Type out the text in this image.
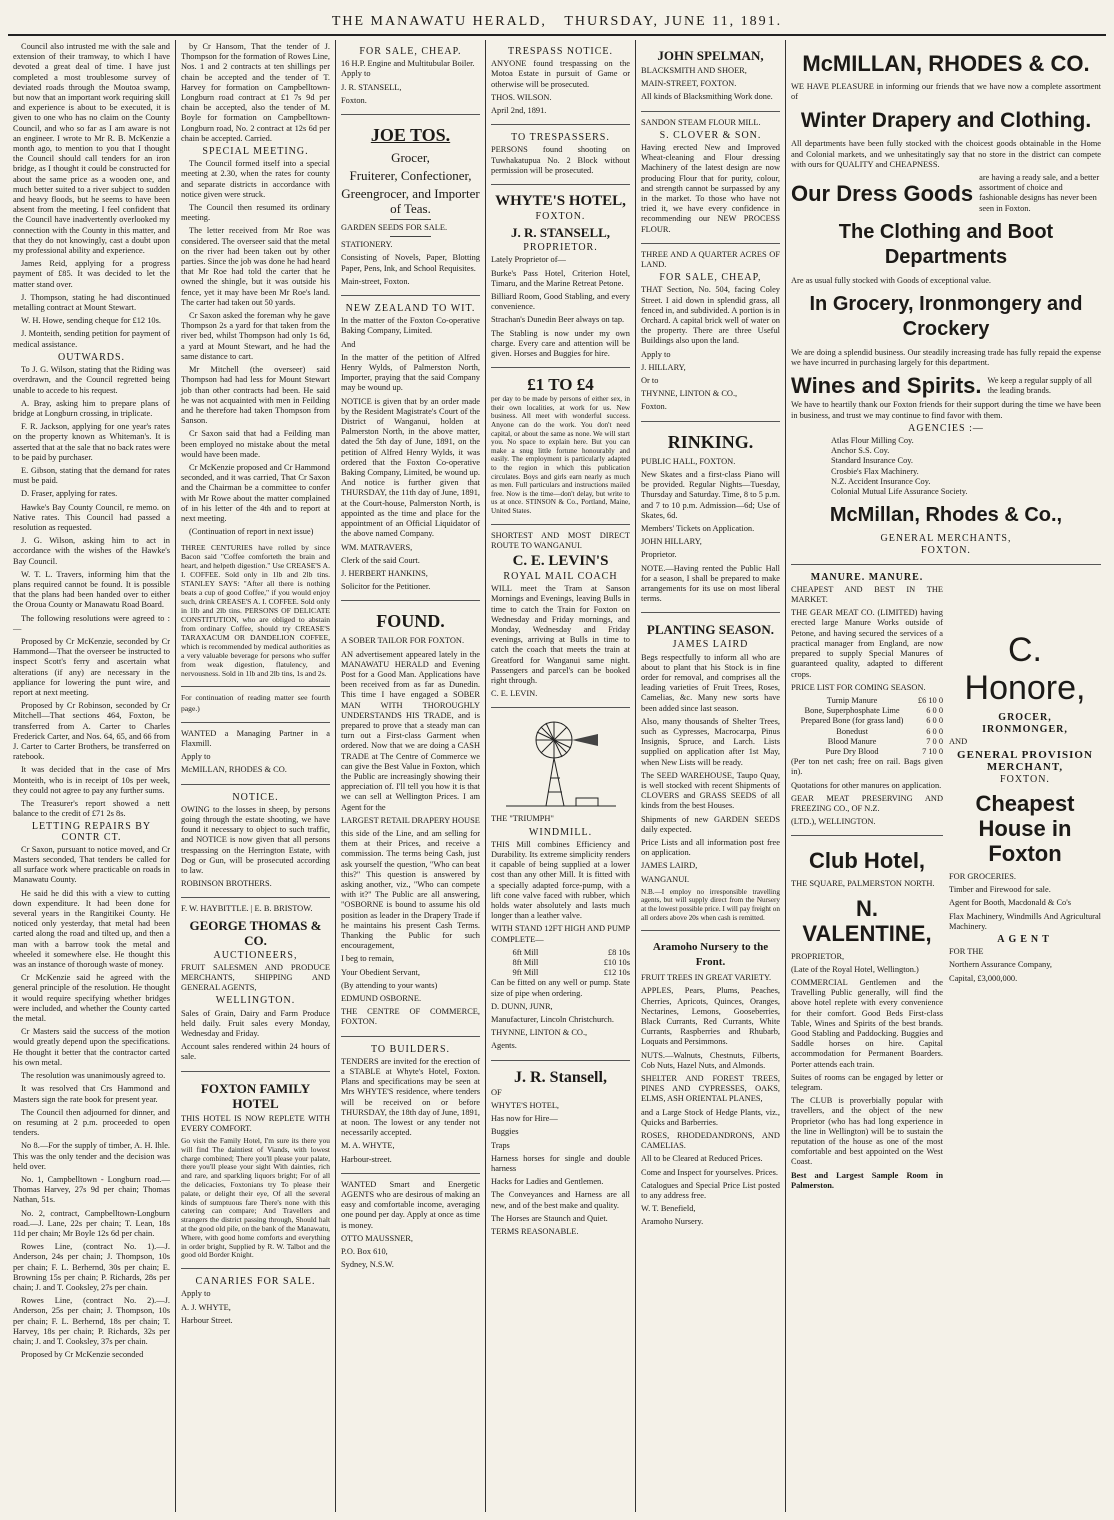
THE MANAWATU HERALD, THURSDAY, JUNE 11, 1891.

Council also intrusted me with the sale and extension of their tramway, to which I have devoted a great deal of time. I have just completed a most troublesome survey of deviated roads through the Moutoa swamp, but now that an important work requiring skill and experience is about to be executed, it is given to one who has no claim on the County Council, and who so far as I am aware is not an engineer. I wrote to Mr R. B. McKenzie a month ago, to mention to you that I thought the Council should call tenders for an iron bridge, as I thought it could be constructed for about the same price as a wooden one, and much better suited to a river subject to sudden and heavy floods, but he seems to have been absent from the meeting. I feel confident that the Council have inadvertently overlooked my connection with the County in this matter, and that they do not knowingly, cast a doubt upon my professional ability and experience.

James Reid, applying for a progress payment of £85. It was decided to let the matter stand over.

J. Thompson, stating he had discontinued metalling contract at Mount Stewart.

W. H. Howe, sending cheque for £12 10s.

J. Monteith, sending petition for payment of medical assistance.

OUTWARDS.

To J. G. Wilson, stating that the Riding was overdrawn, and the Council regretted being unable to accede to his request.

A. Bray, asking him to prepare plans of bridge at Longburn crossing, in triplicate.

F. R. Jackson, applying for one year's rates on the property known as Whiteman's. It is asserted that at the sale that no back rates were to be paid by purchaser.

E. Gibson, stating that the demand for rates must be paid.

D. Fraser, applying for rates.

Hawke's Bay County Council, re memo. on Native rates. This Council had passed a resolution as requested.

J. G. Wilson, asking him to act in accordance with the wishes of the Hawke's Bay Council.

W. T. L. Travers, informing him that the plans required cannot be found. It is possible that the plans had been handed over to either the Oroua County or Manawatu Road Board.

The following resolutions were agreed to :—

Proposed by Cr McKenzie, seconded by Cr Hammond—That the overseer be instructed to inspect Scott's ferry and ascertain what alterations (if any) are necessary in the appliance for lowering the punt wire, and report at next meeting.

Proposed by Cr Robinson, seconded by Cr Mitchell—That sections 464, Foxton, be transferred from A. Carter to Charles Frederick Carter, and Nos. 64, 65, and 66 from J. Carter to Carter Brothers, be transferred on ratebook.

It was decided that in the case of Mrs Monteith, who is in receipt of 10s per week, they could not agree to pay any further sums.

The Treasurer's report showed a nett balance to the credit of £71 2s 8s.

LETTING REPAIRS BY CONTR CT.

Cr Saxon, pursuant to notice moved, and Cr Masters seconded, That tenders be called for all surface work where practicable on roads in Manawatu County.

He said he did this with a view to cutting down expenditure. It had been done for several years in the Rangitikei County. He noticed only yesterday, that metal had been carted along the road and tilted up, and then a man with a barrow took the metal and wheeled it somewhere else. He thought this was an instance of thorough waste of money.

Cr McKenzie said he agreed with the general principle of the resolution. He thought it would require specifying whether bridges were included, and whether the County carted the metal.

Cr Masters said the success of the motion would greatly depend upon the specifications. He thought it better that the contractor carted his own metal.

The resolution was unanimously agreed to.

It was resolved that Crs Hammond and Masters sign the rate book for present year.

The Council then adjourned for dinner, and on resuming at 2 p.m. proceeded to open tenders.

No 8.—For the supply of timber, A. H. Ihle. This was the only tender and the decision was held over.

No. 1, Campbelltown - Longburn road.—Thomas Harvey, 27s 9d per chain; Thomas Nathan, 51s.

No. 2, contract, Campbelltown-Longburn road.—J. Lane, 22s per chain; T. Lean, 18s 11d per chain; Mr Boyle 12s 6d per chain.

Rowes Line, (contract No. 1).—J. Anderson, 24s per chain; J. Thompson, 10s per chain; F. L. Berhernd, 30s per chain; E. Browning 15s per chain; P. Richards, 28s per chain; J. and T. Cooksley, 27s per chain.

Rowes Line, (contract No. 2).—J. Anderson, 25s per chain; J. Thompson, 10s per chain; F. L. Berhernd, 18s per chain; T. Harvey, 18s per chain; P. Richards, 32s per chain; J. and T. Cooksley, 37s per chain.

Proposed by Cr McKenzie seconded

by Cr Hansom, That the tender of J. Thompson for the formation of Rowes Line, Nos. 1 and 2 contracts at ten shillings per chain be accepted and the tender of T. Harvey for formation on Campbelltown-Longburn road contract at £1 7s 9d per chain be accepted, also the tender of M. Boyle for formation on Campbelltown-Longburn road, No. 2 contract at 12s 6d per chain be accepted. Carried.

SPECIAL MEETING.

The Council formed itself into a special meeting at 2.30, when the rates for county and separate districts in accordance with notice given were struck.

The Council then resumed its ordinary meeting.

The letter received from Mr Roe was considered. The overseer said that the metal on the river had been taken out by other parties. Since the job was done he had heard that Mr Roe had told the carter that he owned the shingle, but it was outside his fence, yet it may have been Mr Roe's land. The carter had taken out 50 yards.

Cr Saxon asked the foreman why he gave Thompson 2s a yard for that taken from the river bed, whilst Thompson had only 1s 6d, a yard at Mount Stewart, and he had the same distance to cart.

Mr Mitchell (the overseer) said Thompson had had less for Mount Stewart job than other contracts had been. He said he was not acquainted with men in Feilding and he therefore had taken Thompson from Sanson.

Cr Saxon said that had a Feilding man been employed no mistake about the metal would have been made.

Cr McKenzie proposed and Cr Hammond seconded, and it was carried, That Cr Saxon and the Chairman be a committee to confer with Mr Rowe about the matter complained of in his letter of the 4th and to report at next meeting.

(Continuation of report in next issue)

THREE CENTURIES have rolled by since Bacon said "Coffee comforteth the brain and heart, and helpeth digestion." Use CREASE'S A. I. COFFEE. Sold only in 1lb and 2lb tins. STANLEY SAYS: "After all there is nothing beats a cup of good Coffee," if you would enjoy such, drink CREASE'S A. I. COFFEE. Sold only in 1lb and 2lb tins. PERSONS OF DELICATE CONSTITUTION, who are obliged to abstain from ordinary Coffee, should try CREASE'S TARAXACUM OR DANDELION COFFEE, which is recommended by medical authorities as a very valuable beverage for persons who suffer from weak digestion, flatulency, and nervousness. Sold in 1lb and 2lb tins, 1s and 2s.

For continuation of reading matter see fourth page.)

WANTED a Managing Partner in a Flaxmill.

Apply to

McMILLAN, RHODES & CO.

NOTICE.

OWING to the losses in sheep, by persons going through the estate shooting, we have found it necessary to object to such traffic, and NOTICE is now given that all persons trespassing on the Herrington Estate, with Dog or Gun, will be prosecuted according to law.

ROBINSON BROTHERS.

F. W. HAYBITTLE. | E. B. BRISTOW.

GEORGE THOMAS & CO.
AUCTIONEERS,

FRUIT SALESMEN AND PRODUCE MERCHANTS, SHIPPING AND GENERAL AGENTS,

WELLINGTON.

Sales of Grain, Dairy and Farm Produce held daily. Fruit sales every Monday, Wednesday and Friday.

Account sales rendered within 24 hours of sale.

FOXTON FAMILY HOTEL

THIS HOTEL IS NOW REPLETE WITH EVERY COMFORT.

Go visit the Family Hotel, I'm sure its there you will find The daintiest of Viands, with lowest charge combined; There you'll please your palate, there you'll please your sight With dainties, rich and rare, and sparkling liquors bright; For of all the delicacies, Foxtonians try To please their palate, or delight their eye, Of all the several kinds of sumptuous fare There's none with this catering can compare; And Travellers and strangers the district passing through, Should halt at the good old pile, on the bank of the Manawatu, Where, with good home comforts and everything in order bright, Supplied by R. W. Talbot and the good old Border Knight.

CANARIES FOR SALE.

Apply to

A. J. WHYTE,

Harbour Street.

FOR SALE, CHEAP.

16 H.P. Engine and Multitubular Boiler. Apply to

J. R. STANSELL,

Foxton.

JOE TOS.
Grocer,
Fruiterer, Confectioner,
Greengrocer, and Importer of Teas.

GARDEN SEEDS FOR SALE.

STATIONERY.

Consisting of Novels, Paper, Blotting Paper, Pens, Ink, and School Requisites.

Main-street, Foxton.

NEW ZEALAND TO WIT.

In the matter of the Foxton Co-operative Baking Company, Limited.

And

In the matter of the petition of Alfred Henry Wylds, of Palmerston North, Importer, praying that the said Company may be wound up.

NOTICE is given that by an order made by the Resident Magistrate's Court of the District of Wanganui, holden at Palmerston North, in the above matter, dated the 5th day of June, 1891, on the petition of Alfred Henry Wylds, it was ordered that the Foxton Co-operative Baking Company, Limited, be wound up. And notice is further given that THURSDAY, the 11th day of June, 1891, at the Court-house, Palmerston North, is appointed as the time and place for the appointment of an Official Liquidator of the above named Company.

WM. MATRAVERS,

Clerk of the said Court.

J. HERBERT HANKINS,

Solicitor for the Petitioner.

FOUND.

A SOBER TAILOR FOR FOXTON.

AN advertisement appeared lately in the MANAWATU HERALD and Evening Post for a Good Man. Applications have been received from as far as Dunedin. This time I have engaged a SOBER MAN WITH THOROUGHLY UNDERSTANDS HIS TRADE, and is prepared to prove that a steady man can turn out a First-class Garment when ordered. Now that we are doing a CASH TRADE at The Centre of Commerce we can give the Best Value in Foxton, which the Public are increasingly showing their appreciation of. I'll tell you how it is that we can sell at Wellington Prices. I am Agent for the

LARGEST RETAIL DRAPERY HOUSE

this side of the Line, and am selling for them at their Prices, and receive a commission. The terms being Cash, just ask yourself the question, "Who can beat this?" This question is answered by asking another, viz., "Who can compete with it?" The Public are all answering, "OSBORNE is bound to assume his old position as leader in the Drapery Trade if he maintains his present Cash Terms. Thanking the Public for such encouragement,

I beg to remain,

Your Obedient Servant,

(By attending to your wants)

EDMUND OSBORNE.

THE CENTRE OF COMMERCE, FOXTON.

TO BUILDERS.

TENDERS are invited for the erection of a STABLE at Whyte's Hotel, Foxton. Plans and specifications may be seen at Mrs WHYTE'S residence, where tenders will be received on or before THURSDAY, the 18th day of June, 1891, at noon. The lowest or any tender not necessarily accepted.

M. A. WHYTE,

Harbour-street.

WANTED Smart and Energetic AGENTS who are desirous of making an easy and comfortable income, averaging one pound per day. Apply at once as time is money.

OTTO MAUSSNER,

P.O. Box 610,

Sydney, N.S.W.

TRESPASS NOTICE.

ANYONE found trespassing on the Motoa Estate in pursuit of Game or otherwise will be prosecuted.

THOS. WILSON.

April 2nd, 1891.

TO TRESPASSERS.

PERSONS found shooting on Tuwhakatupua No. 2 Block without permission will be prosecuted.

WHYTE'S HOTEL,
FOXTON.
J. R. STANSELL,
PROPRIETOR.

Lately Proprietor of—

Burke's Pass Hotel, Criterion Hotel, Timaru, and the Marine Retreat Petone.

Billiard Room, Good Stabling, and every convenience.

Strachan's Dunedin Beer always on tap.

The Stabling is now under my own charge. Every care and attention will be given. Horses and Buggies for hire.

£1 TO £4

per day to be made by persons of either sex, in their own localities, at work for us. New business. All meet with wonderful success. Anyone can do the work. You don't need capital, or about the same as none. We will start you. No space to explain here. But you can make a snug little fortune honourably and easily. The employment is particularly adapted to the region in which this publication circulates. Boys and girls earn nearly as much as men. Full particulars and instructions mailed free. Now is the time—don't delay, but write to us at once. STINSON & Co., Portland, Maine, United States.

SHORTEST AND MOST DIRECT ROUTE TO WANGANUI.

C. E. LEVIN'S
ROYAL MAIL COACH

WILL meet the Tram at Sanson Mornings and Evenings, leaving Bulls in time to catch the Train for Foxton on Wednesday and Friday mornings, and Monday, Wednesday and Friday evenings, arriving at Bulls in time to catch the coach that meets the train at Greatford for Wanganui same night. Passengers and parcel's can be booked right through.

C. E. LEVIN.

THE "TRIUMPH"

WINDMILL.

THIS Mill combines Efficiency and Durability. Its extreme simplicity renders it capable of being supplied at a lower cost than any other Mill. It is fitted with a specially adapted force-pump, with a lift cone valve faced with rubber, which holds water absolutely and lasts much longer than a leather valve.

WITH STAND 12FT HIGH AND PUMP COMPLETE—

6ft Mill	£8 10s
8ft Mill	£10 10s
9ft Mill	£12 10s

Can be fitted on any well or pump. State size of pipe when ordering.

D. DUNN, JUNR,

Manufacturer, Lincoln Christchurch.

THYNNE, LINTON & CO.,

Agents.

J. R. Stansell,

OF

WHYTE'S HOTEL,

Has now for Hire—

Buggies

Traps

Harness horses for single and double harness

Hacks for Ladies and Gentlemen.

The Conveyances and Harness are all new, and of the best make and quality.

The Horses are Staunch and Quiet.

TERMS REASONABLE.

JOHN SPELMAN,

BLACKSMITH AND SHOER,

MAIN-STREET, FOXTON.

All kinds of Blacksmithing Work done.

SANDON STEAM FLOUR MILL.

S. CLOVER & SON.

Having erected New and Improved Wheat-cleaning and Flour dressing Machinery of the latest design are now producing Flour that for purity, colour, and strength cannot be surpassed by any in the market. To those who have not tried it, we have every confidence in recommending our NEW PROCESS FLOUR.

THREE AND A QUARTER ACRES OF LAND.

FOR SALE, CHEAP,

THAT Section, No. 504, facing Coley Street. I aid down in splendid grass, all fenced in, and subdivided. A portion is in Orchard. A capital brick well of water on the property. There are three Useful Buildings also upon the land.

Apply to

J. HILLARY,

Or to

THYNNE, LINTON & CO.,

Foxton.

RINKING.

PUBLIC HALL, FOXTON.

New Skates and a first-class Piano will be provided. Regular Nights—Tuesday, Thursday and Saturday. Time, 8 to 5 p.m. and 7 to 10 p.m. Admission—6d; Use of Skates, 6d.

Members' Tickets on Application.

JOHN HILLARY,

Proprietor.

NOTE.—Having rented the Public Hall for a season, I shall be prepared to make arrangements for its use on most liberal terms.

PLANTING SEASON.
JAMES LAIRD

Begs respectfully to inform all who are about to plant that his Stock is in fine order for removal, and comprises all the leading varieties of Fruit Trees, Roses, Camelias, &c. Many new sorts have been added since last season.

Also, many thousands of Shelter Trees, such as Cypresses, Macrocarpa, Pinus Insignis, Spruce, and Larch. Lists supplied on application after 1st May, when New Lists will be ready.

The SEED WAREHOUSE, Taupo Quay, is well stocked with recent Shipments of CLOVERS and GRASS SEEDS of all kinds from the best Houses.

Shipments of new GARDEN SEEDS daily expected.

Price Lists and all information post free on application.

JAMES LAIRD,

WANGANUI.

N.B.—I employ no irresponsible travelling agents, but will supply direct from the Nursery at the lowest possible price. I will pay freight on all orders above 20s when cash is remitted.

Aramoho Nursery to the Front.

FRUIT TREES IN GREAT VARIETY.

APPLES, Pears, Plums, Peaches, Cherries, Apricots, Quinces, Oranges, Nectarines, Lemons, Gooseberries, Black Currants, Red Currants, White Currants, Raspberries and Rhubarb, Loquats and Persimmons.

NUTS.—Walnuts, Chestnuts, Filberts, Cob Nuts, Hazel Nuts, and Almonds.

SHELTER AND FOREST TREES, PINES AND CYPRESSES, OAKS, ELMS, ASH ORIENTAL PLANES,

and a Large Stock of Hedge Plants, viz., Quicks and Barberries.

ROSES, RHODEDANDRONS, AND CAMELIAS.

All to be Cleared at Reduced Prices.

Come and Inspect for yourselves. Prices.

Catalogues and Special Price List posted to any address free.

W. T. Benefield,

Aramoho Nursery.

McMILLAN, RHODES & CO.

WE HAVE PLEASURE in informing our friends that we have now a complete assortment of

Winter Drapery and Clothing.

All departments have been fully stocked with the choicest goods obtainable in the Home and Colonial markets, and we unhesitatingly say that no store in the district can compete with ours for QUALITY and CHEAPNESS.

Our Dress Goods

are having a ready sale, and a better assortment of choice and fashionable designs has never been seen in Foxton.

The Clothing and Boot Departments

Are as usual fully stocked with Goods of exceptional value.

In Grocery, Ironmongery and Crockery

We are doing a splendid business. Our steadily increasing trade has fully repaid the expense we have incurred in purchasing largely for this department.

Wines and Spirits. We keep a regular supply of all the leading brands.

We have to heartily thank our Foxton friends for their support during the time we have been in business, and trust we may continue to find favor with them.

AGENCIES :—
Atlas Flour Milling Coy.
Anchor S.S. Coy.
Standard Insurance Coy.
Crosbie's Flax Machinery.
N.Z. Accident Insurance Coy.
Colonial Mutual Life Assurance Society.
McMillan, Rhodes & Co.,
GENERAL MERCHANTS,
FOXTON.
MANURE. MANURE.

CHEAPEST AND BEST IN THE MARKET.

THE GEAR MEAT CO. (LIMITED) having erected large Manure Works outside of Petone, and having secured the services of a practical manager from England, are now prepared to supply Special Manures of guaranteed quality, adapted to different crops.

PRICE LIST FOR COMING SEASON.

Turnip Manure	£6 10 0
Bone, Superphosphate Lime	6 0 0
Prepared Bone (for grass land)	6 0 0
Bonedust	6 0 0
Blood Manure	7 0 0
Pure Dry Blood	7 10 0

(Per ton net cash; free on rail. Bags given in).

Quotations for other manures on application.

GEAR MEAT PRESERVING AND FREEZING CO., OF N.Z.

(LTD.), WELLINGTON.

Club Hotel,

THE SQUARE, PALMERSTON NORTH.

N. VALENTINE,

PROPRIETOR,

(Late of the Royal Hotel, Wellington.)

COMMERCIAL Gentlemen and the Travelling Public generally, will find the above hotel replete with every convenience for their comfort. Good Beds First-class Table, Wines and Spirits of the best brands. Good Stabling and Paddocking. Buggies and Saddle horses on hire. Capital accommodation for Permanent Boarders. Porter attends each train.

Suites of rooms can be engaged by letter or telegram.

The CLUB is proverbially popular with travellers, and the object of the new Proprietor (who has had long experience in the line in Wellington) will be to sustain the reputation of the house as one of the most comfortable and best appointed on the West Coast.

Best and Largest Sample Room in Palmerston.

C. Honore,
GROCER,
IRONMONGER,

AND

GENERAL PROVISION
MERCHANT,
FOXTON.
Cheapest House in Foxton

FOR GROCERIES.

Timber and Firewood for sale.

Agent for Booth, Macdonald & Co's

Flax Machinery, Windmills And Agricultural Machinery.

AGENT

FOR THE

Northern Assurance Company,

Capital, £3,000,000.
